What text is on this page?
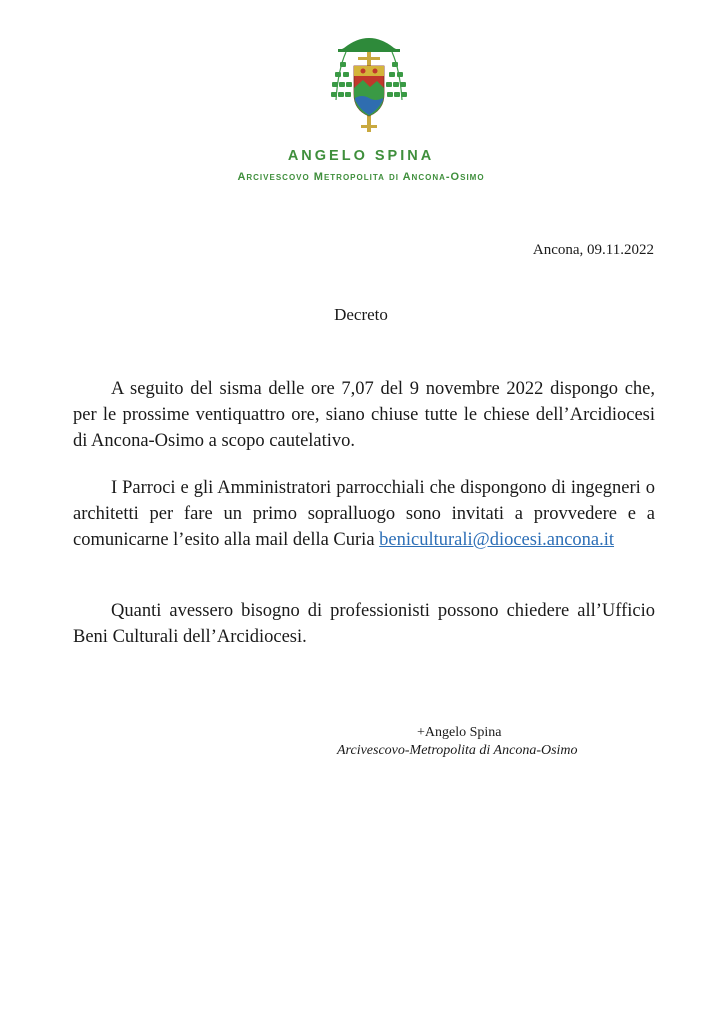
ANGELO SPINA
Arcivescovo Metropolita di Ancona-Osimo
Ancona, 09.11.2022
Decreto

A seguito del sisma delle ore 7,07 del 9 novembre 2022 dispongo che, per le prossime ventiquattro ore, siano chiuse tutte le chiese dell’Arcidiocesi di Ancona-Osimo a scopo cautelativo.

I Parroci e gli Amministratori parrocchiali che dispongono di ingegneri o architetti per fare un primo sopralluogo sono invitati a provvedere e a comunicarne l’esito alla mail della Curia beniculturali@diocesi.ancona.it

Quanti avessero bisogno di professionisti possono chiedere all’Ufficio Beni Culturali dell’Arcidiocesi.

+Angelo Spina
Arcivescovo-Metropolita di Ancona-Osimo
